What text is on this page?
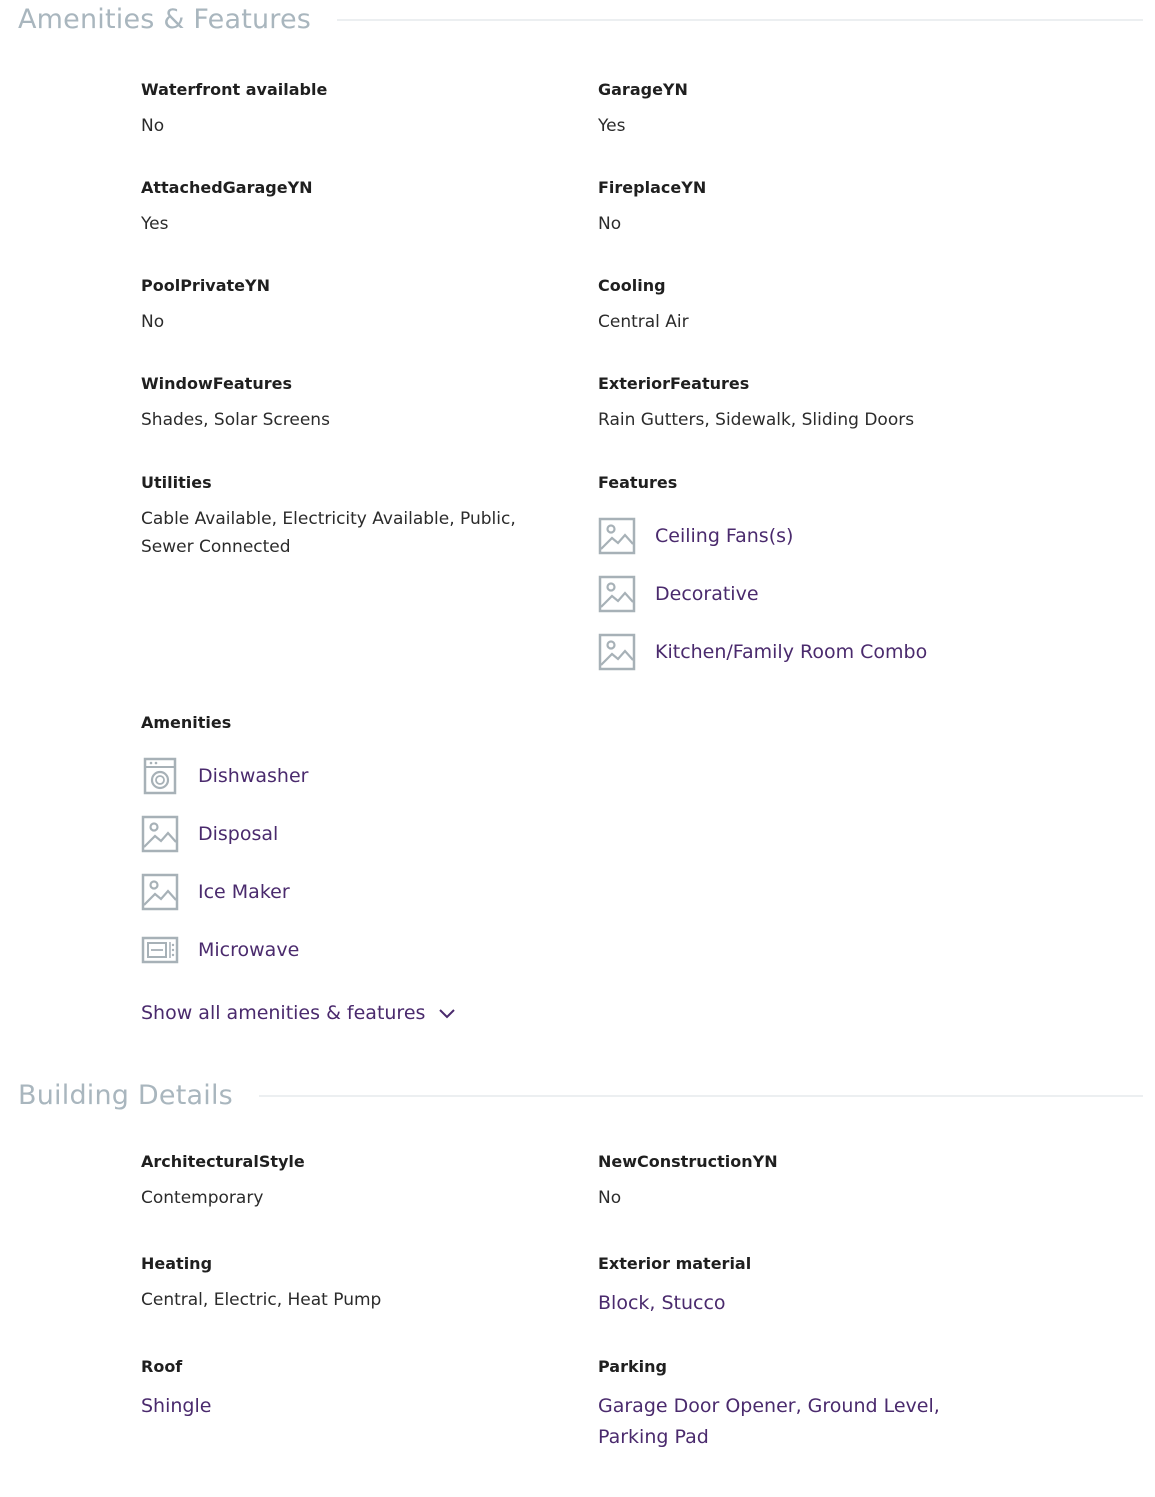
Amenities & Features
Waterfront available
No
GarageYN
Yes
AttachedGarageYN
Yes
FireplaceYN
No
PoolPrivateYN
No
Cooling
Central Air
WindowFeatures
Shades, Solar Screens
ExteriorFeatures
Rain Gutters, Sidewalk, Sliding Doors
Utilities
Cable Available, Electricity Available, Public, Sewer Connected
Features
Ceiling Fans(s)
Decorative
Kitchen/Family Room Combo
Amenities
Dishwasher
Disposal
Ice Maker
Microwave
Show all amenities & features
Building Details
ArchitecturalStyle
Contemporary
NewConstructionYN
No
Heating
Central, Electric, Heat Pump
Exterior material
Block, Stucco
Roof
Shingle
Parking
Garage Door Opener, Ground Level, Parking Pad
